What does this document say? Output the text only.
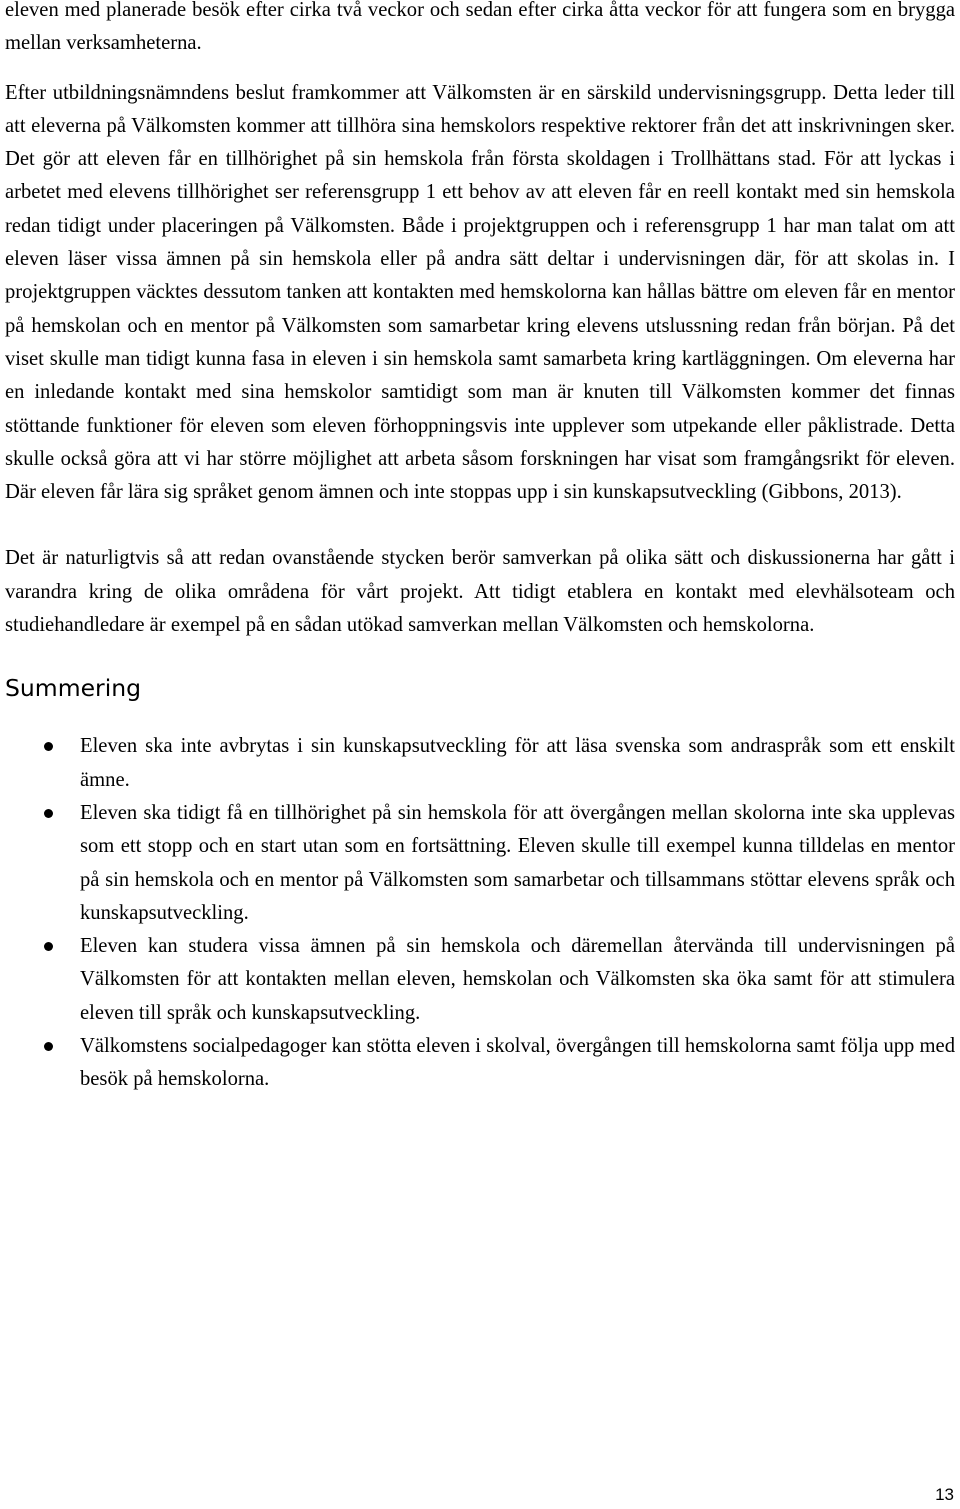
eleven med planerade besök efter cirka två veckor och sedan efter cirka åtta veckor för att fungera som en brygga mellan verksamheterna.

Efter utbildningsnämndens beslut framkommer att Välkomsten är en särskild undervisningsgrupp. Detta leder till att eleverna på Välkomsten kommer att tillhöra sina hemskolors respektive rektorer från det att inskrivningen sker. Det gör att eleven får en tillhörighet på sin hemskola från första skoldagen i Trollhättans stad. För att lyckas i arbetet med elevens tillhörighet ser referensgrupp 1 ett behov av att eleven får en reell kontakt med sin hemskola redan tidigt under placeringen på Välkomsten. Både i projektgruppen och i referensgrupp 1 har man talat om att eleven läser vissa ämnen på sin hemskola eller på andra sätt deltar i undervisningen där, för att skolas in. I projektgruppen väcktes dessutom tanken att kontakten med hemskolorna kan hållas bättre om eleven får en mentor på hemskolan och en mentor på Välkomsten som samarbetar kring elevens utslussning redan från början. På det viset skulle man tidigt kunna fasa in eleven i sin hemskola samt samarbeta kring kartläggningen. Om eleverna har en inledande kontakt med sina hemskolor samtidigt som man är knuten till Välkomsten kommer det finnas stöttande funktioner för eleven som eleven förhoppningsvis inte upplever som utpekande eller påklistrade. Detta skulle också göra att vi har större möjlighet att arbeta såsom forskningen har visat som framgångsrikt för eleven. Där eleven får lära sig språket genom ämnen och inte stoppas upp i sin kunskapsutveckling (Gibbons, 2013).

Det är naturligtvis så att redan ovanstående stycken berör samverkan på olika sätt och diskussionerna har gått i varandra kring de olika områdena för vårt projekt. Att tidigt etablera en kontakt med elevhälsoteam och studiehandledare är exempel på en sådan utökad samverkan mellan Välkomsten och hemskolorna.

Summering
Eleven ska inte avbrytas i sin kunskapsutveckling för att läsa svenska som andraspråk som ett enskilt ämne.
Eleven ska tidigt få en tillhörighet på sin hemskola för att övergången mellan skolorna inte ska upplevas som ett stopp och en start utan som en fortsättning. Eleven skulle till exempel kunna tilldelas en mentor på sin hemskola och en mentor på Välkomsten som samarbetar och tillsammans stöttar elevens språk och kunskapsutveckling.
Eleven kan studera vissa ämnen på sin hemskola och däremellan återvända till undervisningen på Välkomsten för att kontakten mellan eleven, hemskolan och Välkomsten ska öka samt för att stimulera eleven till språk och kunskapsutveckling.
Välkomstens socialpedagoger kan stötta eleven i skolval, övergången till hemskolorna samt följa upp med besök på hemskolorna.
13
